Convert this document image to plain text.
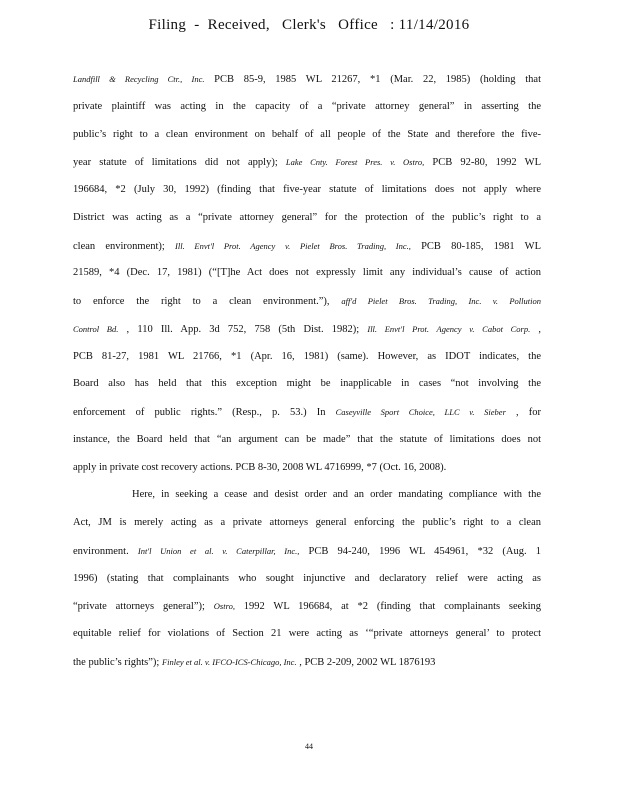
Filing  -  Received,   Clerk's   Office   : 11/14/2016
Landfill & Recycling Ctr., Inc. PCB 85-9, 1985 WL 21267, *1 (Mar. 22, 1985) (holding that
private plaintiff was acting in the capacity of a “private attorney general” in asserting the
public’s right to a clean environment on behalf of all people of the State and therefore the five-
year statute of limitations did not apply); Lake Cnty. Forest Pres. v. Ostro, PCB 92-80, 1992 WL
196684, *2 (July 30, 1992) (finding that five-year statute of limitations does not apply where
District was acting as a “private attorney general” for the protection of the public’s right to a
clean environment); Ill. Envt'l Prot. Agency v. Pielet Bros. Trading, Inc., PCB 80-185, 1981 WL
21589, *4 (Dec. 17, 1981) (“[T]he Act does not expressly limit any individual’s cause of action
to enforce the right to a clean environment.”), aff'd Pielet Bros. Trading, Inc. v. Pollution
Control Bd. , 110 Ill. App. 3d 752, 758 (5th Dist. 1982); Ill. Envt'l Prot. Agency v. Cabot Corp. ,
PCB 81-27, 1981 WL 21766, *1 (Apr. 16, 1981) (same). However, as IDOT indicates, the
Board also has held that this exception might be inapplicable in cases “not involving the
enforcement of public rights.” (Resp., p. 53.) In Caseyville Sport Choice, LLC v. Sieber , for
instance, the Board held that “an argument can be made” that the statute of limitations does not
apply in private cost recovery actions. PCB 8-30, 2008 WL 4716999, *7 (Oct. 16, 2008).
Here, in seeking a cease and desist order and an order mandating compliance with the
Act, JM is merely acting as a private attorneys general enforcing the public’s right to a clean
environment. Int'l Union et al. v. Caterpillar, Inc., PCB 94-240, 1996 WL 454961, *32 (Aug. 1
1996) (stating that complainants who sought injunctive and declaratory relief were acting as
“private attorneys general”); Ostro, 1992 WL 196684, at *2 (finding that complainants seeking
equitable relief for violations of Section 21 were acting as ‘“private attorneys general’ to protect
the public’s rights”); Finley et al. v. IFCO-ICS-Chicago, Inc. , PCB 2-209, 2002 WL 1876193
44
